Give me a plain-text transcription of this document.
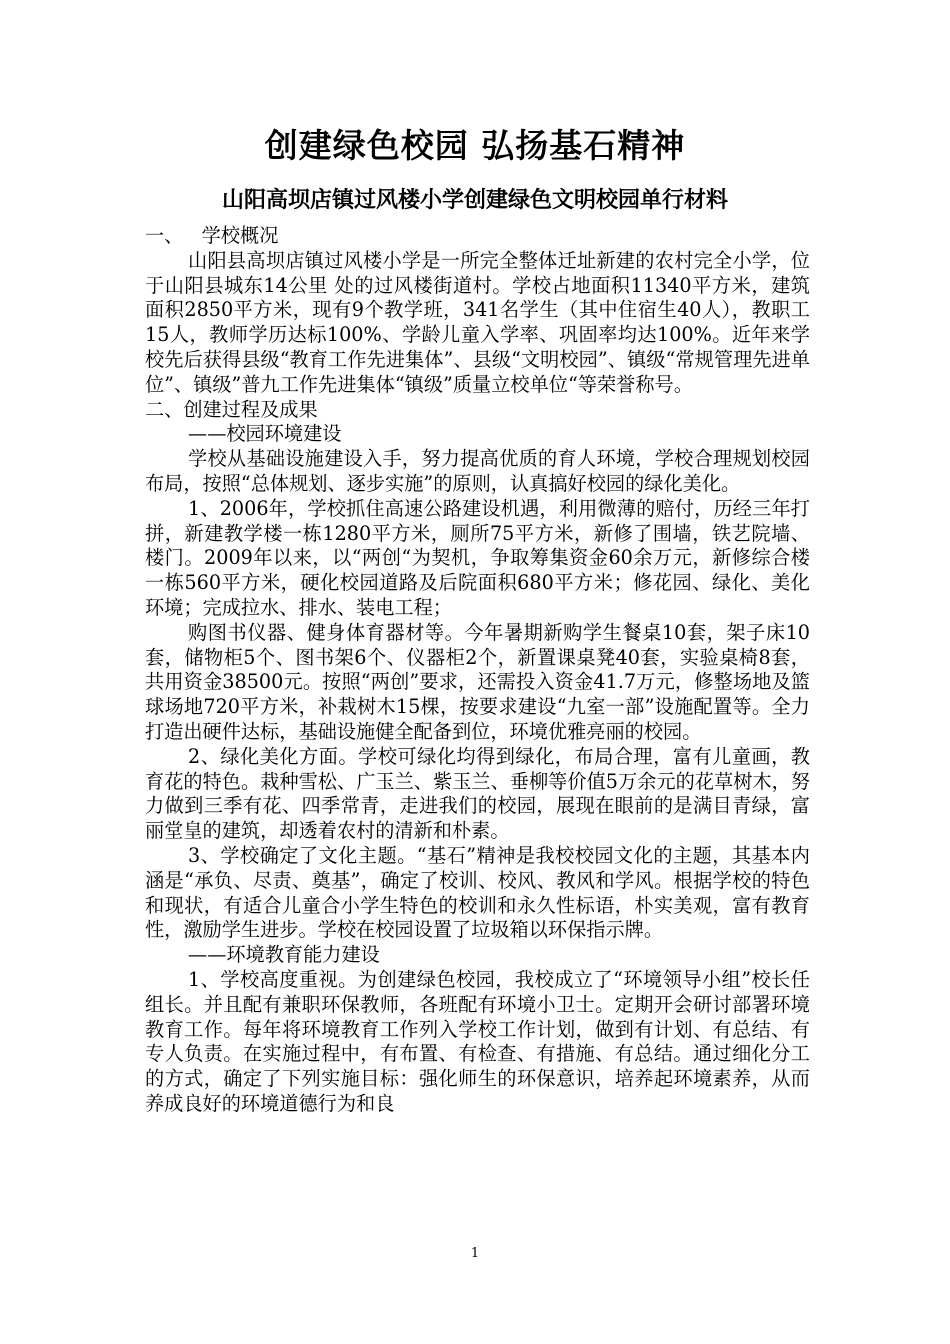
创建绿色校园 弘扬基石精神
山阳高坝店镇过风楼小学创建绿色文明校园单行材料

一、   学校概况

山阳县高坝店镇过风楼小学是一所完全整体迁址新建的农村完全小学，位于山阳县城东14公里 处的过风楼街道村。学校占地面积11340平方米，建筑面积2850平方米，现有9个教学班，341名学生（其中住宿生40人），教职工15人，教师学历达标100%、学龄儿童入学率、巩固率均达100%。近年来学校先后获得县级“教育工作先进集体”、县级“文明校园”、镇级“常规管理先进单位”、镇级”普九工作先进集体“镇级”质量立校单位“等荣誉称号。

二、创建过程及成果

——校园环境建设

学校从基础设施建设入手，努力提高优质的育人环境，学校合理规划校园布局，按照“总体规划、逐步实施”的原则，认真搞好校园的绿化美化。

1、2006年，学校抓住高速公路建设机遇，利用微薄的赔付，历经三年打拼，新建教学楼一栋1280平方米，厕所75平方米，新修了围墙，铁艺院墙、楼门。2009年以来，以“两创“为契机，争取筹集资金60余万元，新修综合楼一栋560平方米，硬化校园道路及后院面积680平方米；修花园、绿化、美化环境；完成拉水、排水、装电工程；

购图书仪器、健身体育器材等。今年暑期新购学生餐桌10套，架子床10套，储物柜5个、图书架6个、仪器柜2个，新置课桌凳40套，实验桌椅8套，共用资金38500元。按照“两创”要求，还需投入资金41.7万元，修整场地及篮球场地720平方米，补栽树木15棵，按要求建设“九室一部”设施配置等。全力打造出硬件达标，基础设施健全配备到位，环境优雅亮丽的校园。

2、绿化美化方面。学校可绿化均得到绿化，布局合理，富有儿童画，教育花的特色。栽种雪松、广玉兰、紫玉兰、垂柳等价值5万余元的花草树木，努力做到三季有花、四季常青，走进我们的校园，展现在眼前的是满目青绿，富丽堂皇的建筑，却透着农村的清新和朴素。

3、学校确定了文化主题。“基石”精神是我校校园文化的主题，其基本内涵是“承负、尽责、奠基”，确定了校训、校风、教风和学风。根据学校的特色和现状，有适合儿童合小学生特色的校训和永久性标语，朴实美观，富有教育性，激励学生进步。学校在校园设置了垃圾箱以环保指示牌。

——环境教育能力建设

1、学校高度重视。为创建绿色校园，我校成立了“环境领导小组”校长任组长。并且配有兼职环保教师，各班配有环境小卫士。定期开会研讨部署环境教育工作。每年将环境教育工作列入学校工作计划，做到有计划、有总结、有专人负责。在实施过程中，有布置、有检查、有措施、有总结。通过细化分工的方式，确定了下列实施目标：强化师生的环保意识，培养起环境素养，从而养成良好的环境道德行为和良

1
